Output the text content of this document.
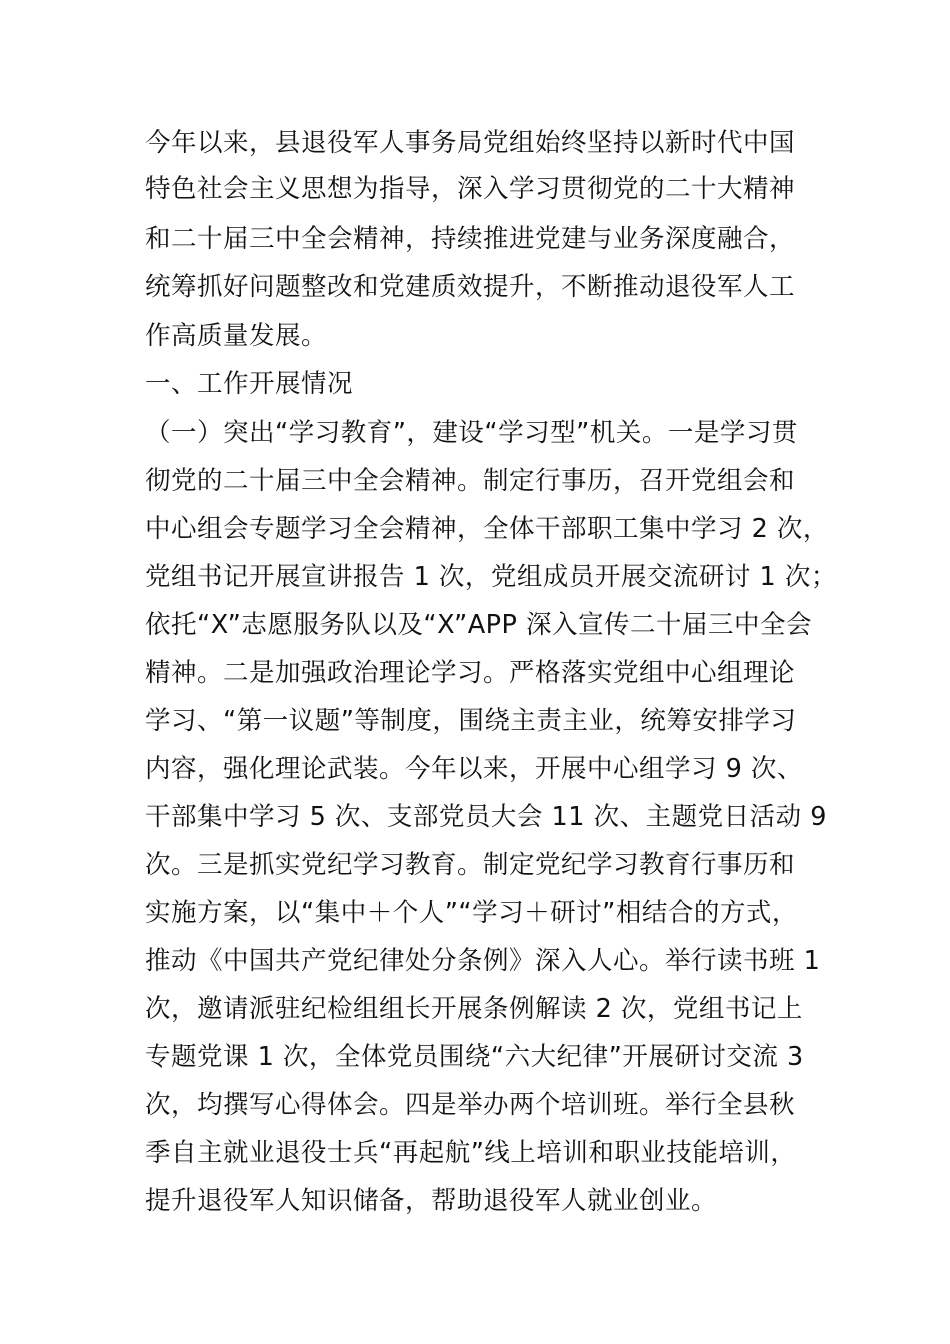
今年以来，县退役军人事务局党组始终坚持以新时代中国

特色社会主义思想为指导，深入学习贯彻党的二十大精神

和二十届三中全会精神，持续推进党建与业务深度融合，

统筹抓好问题整改和党建质效提升，不断推动退役军人工

作高质量发展。

一、工作开展情况

（一）突出“学习教育”，建设“学习型”机关。一是学习贯

彻党的二十届三中全会精神。制定行事历，召开党组会和

中心组会专题学习全会精神，全体干部职工集中学习 2 次，

党组书记开展宣讲报告 1 次，党组成员开展交流研讨 1 次；

依托“X”志愿服务队以及“X”APP 深入宣传二十届三中全会

精神。二是加强政治理论学习。严格落实党组中心组理论

学习、“第一议题”等制度，围绕主责主业，统筹安排学习

内容，强化理论武装。今年以来，开展中心组学习 9 次、

干部集中学习 5 次、支部党员大会 11 次、主题党日活动 9

次。三是抓实党纪学习教育。制定党纪学习教育行事历和

实施方案，以“集中＋个人”“学习＋研讨”相结合的方式，

推动《中国共产党纪律处分条例》深入人心。举行读书班 1

次，邀请派驻纪检组组长开展条例解读 2 次，党组书记上

专题党课 1 次，全体党员围绕“六大纪律”开展研讨交流 3

次，均撰写心得体会。四是举办两个培训班。举行全县秋

季自主就业退役士兵“再起航”线上培训和职业技能培训，

提升退役军人知识储备，帮助退役军人就业创业。
